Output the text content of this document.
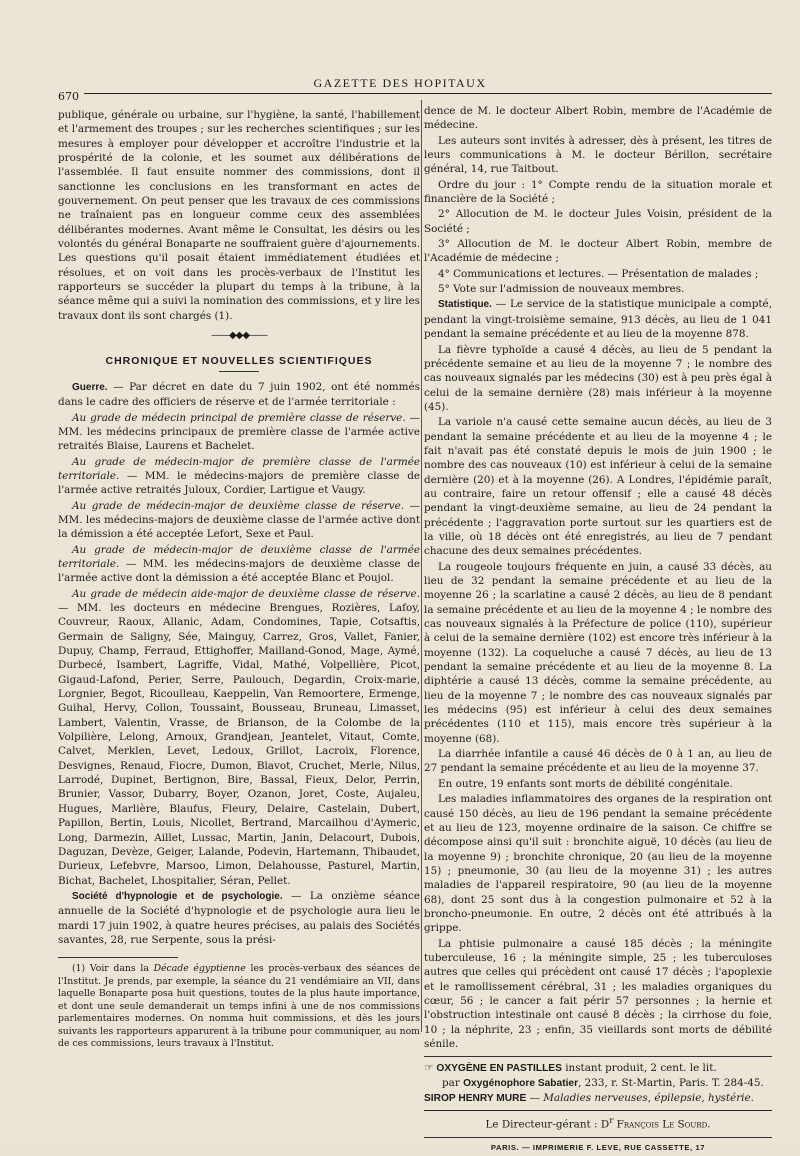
GAZETTE DES HOPITAUX
670

publique, générale ou urbaine, sur l'hygiène, la santé, l'habillement et l'armement des troupes ; sur les recherches scientifiques ; sur les mesures à employer pour développer et accroître l'industrie et la prospérité de la colonie, et les soumet aux délibérations de l'assemblée. Il faut ensuite nommer des commissions, dont il sanctionne les conclusions en les transformant en actes de gouvernement. On peut penser que les travaux de ces commissions ne traînaient pas en longueur comme ceux des assemblées délibérantes modernes. Avant même le Consultat, les désirs ou les volontés du général Bonaparte ne souffraient guère d'ajournements. Les questions qu'il posait étaient immédiatement étudiées et résolues, et on voit dans les procès-verbaux de l'Institut les rapporteurs se succéder la plupart du temps à la tribune, à la séance même qui a suivi la nomination des commissions, et y lire les travaux dont ils sont chargés (1).

——◆◆◆——
CHRONIQUE ET NOUVELLES SCIENTIFIQUES

Guerre. — Par décret en date du 7 juin 1902, ont été nommés dans le cadre des officiers de réserve et de l'armée territoriale :

Au grade de médecin principal de première classe de réserve. — MM. les médecins principaux de première classe de l'armée active retraités Blaise, Laurens et Bachelet.

Au grade de médecin-major de première classe de l'armée territoriale. — MM. le médecins-majors de première classe de l'armée active retraités Juloux, Cordier, Lartigue et Vaugy.

Au grade de médecin-major de deuxième classe de réserve. — MM. les médecins-majors de deuxième classe de l'armée active dont la démission a été acceptée Lefort, Sexe et Paul.

Au grade de médecin-major de deuxième classe de l'armée territoriale. — MM. les médecins-majors de deuxième classe de l'armée active dont la démission a été acceptée Blanc et Poujol.

Au grade de médecin aide-major de deuxième classe de réserve. — MM. les docteurs en médecine Brengues, Rozières, Lafoy, Couvreur, Raoux, Allanic, Adam, Condomines, Tapie, Cotsaftis, Germain de Saligny, Sée, Mainguy, Carrez, Gros, Vallet, Fanier, Dupuy, Champ, Ferraud, Ettighoffer, Mailland-Gonod, Mage, Aymé, Durbecé, Isambert, Lagriffe, Vidal, Mathé, Volpellière, Picot, Gigaud-Lafond, Perier, Serre, Paulouch, Degardin, Croix-marie, Lorgnier, Begot, Ricoulleau, Kaeppelin, Van Remoortere, Ermenge, Guihal, Hervy, Collon, Toussaint, Bousseau, Bruneau, Limasset, Lambert, Valentin, Vrasse, de Brianson, de la Colombe de la Volpilière, Lelong, Arnoux, Grandjean, Jeantelet, Vitaut, Comte, Calvet, Merklen, Levet, Ledoux, Grillot, Lacroix, Florence, Desvignes, Renaud, Fiocre, Dumon, Blavot, Cruchet, Merle, Nilus, Larrodé, Dupinet, Bertignon, Bire, Bassal, Fieux, Delor, Perrin, Brunier, Vassor, Dubarry, Boyer, Ozanon, Joret, Coste, Aujaleu, Hugues, Marlière, Blaufus, Fleury, Delaire, Castelain, Dubert, Papillon, Bertin, Louis, Nicollet, Bertrand, Marcailhou d'Aymeric, Long, Darmezin, Aillet, Lussac, Martin, Janin, Delacourt, Dubois, Daguzan, Devèze, Geiger, Lalande, Podevin, Hartemann, Thibaudet, Durieux, Lefebvre, Marsoo, Limon, Delahousse, Pasturel, Martin, Bichat, Bachelet, Lhospitalier, Séran, Pellet.

Société d'hypnologie et de psychologie. — La onzième séance annuelle de la Société d'hypnologie et de psychologie aura lieu le mardi 17 juin 1902, à quatre heures précises, au palais des Sociétés savantes, 28, rue Serpente, sous la prési-

(1) Voir dans la Décade égyptienne les procès-verbaux des séances de l'Institut. Je prends, par exemple, la séance du 21 vendémiaire an VII, dans laquelle Bonaparte posa huit questions, toutes de la plus haute importance, et dont une seule demanderait un temps infini à une de nos commissions parlementaires modernes. On nomma huit commissions, et dès les jours suivants les rapporteurs apparurent à la tribune pour communiquer, au nom de ces commissions, leurs travaux à l'Institut.

dence de M. le docteur Albert Robin, membre de l'Académie de médecine.

Les auteurs sont invités à adresser, dès à présent, les titres de leurs communications à M. le docteur Bérillon, secrétaire général, 14, rue Taitbout.

Ordre du jour : 1° Compte rendu de la situation morale et financière de la Société ;

2° Allocution de M. le docteur Jules Voisin, président de la Société ;

3° Allocution de M. le docteur Albert Robin, membre de l'Académie de médecine ;

4° Communications et lectures. — Présentation de malades ;

5° Vote sur l'admission de nouveaux membres.

Statistique. — Le service de la statistique municipale a compté, pendant la vingt-troisième semaine, 913 décès, au lieu de 1 041 pendant la semaine précédente et au lieu de la moyenne 878.

La fièvre typhoïde a causé 4 décès, au lieu de 5 pendant la précédente semaine et au lieu de la moyenne 7 ; le nombre des cas nouveaux signalés par les médecins (30) est à peu près égal à celui de la semaine dernière (28) mais inférieur à la moyenne (45).

La variole n'a causé cette semaine aucun décès, au lieu de 3 pendant la semaine précédente et au lieu de la moyenne 4 ; le fait n'avait pas été constaté depuis le mois de juin 1900 ; le nombre des cas nouveaux (10) est inférieur à celui de la semaine dernière (20) et à la moyenne (26). A Londres, l'épidémie paraît, au contraire, faire un retour offensif ; elle a causé 48 décès pendant la vingt-deuxième semaine, au lieu de 24 pendant la précédente ; l'aggravation porte surtout sur les quartiers est de la ville, où 18 décès ont été enregistrés, au lieu de 7 pendant chacune des deux semaines précédentes.

La rougeole toujours fréquente en juin, a causé 33 décès, au lieu de 32 pendant la semaine précédente et au lieu de la moyenne 26 ; la scarlatine a causé 2 décès, au lieu de 8 pendant la semaine précédente et au lieu de la moyenne 4 ; le nombre des cas nouveaux signalés à la Préfecture de police (110), supérieur à celui de la semaine dernière (102) est encore très inférieur à la moyenne (132). La coqueluche a causé 7 décès, au lieu de 13 pendant la semaine précédente et au lieu de la moyenne 8. La diphtérie a causé 13 décès, comme la semaine précédente, au lieu de la moyenne 7 ; le nombre des cas nouveaux signalés par les médecins (95) est inférieur à celui des deux semaines précédentes (110 et 115), mais encore très supérieur à la moyenne (68).

La diarrhée infantile a causé 46 décès de 0 à 1 an, au lieu de 27 pendant la semaine précédente et au lieu de la moyenne 37.

En outre, 19 enfants sont morts de débilité congénitale.

Les maladies inflammatoires des organes de la respiration ont causé 150 décès, au lieu de 196 pendant la semaine précédente et au lieu de 123, moyenne ordinaire de la saison. Ce chiffre se décompose ainsi qu'il suit : bronchite aiguë, 10 décès (au lieu de la moyenne 9) ; bronchite chronique, 20 (au lieu de la moyenne 15) ; pneumonie, 30 (au lieu de la moyenne 31) ; les autres maladies de l'appareil respiratoire, 90 (au lieu de la moyenne 68), dont 25 sont dus à la congestion pulmonaire et 52 à la broncho-pneumonie. En outre, 2 décès ont été attribués à la grippe.

La phtisie pulmonaire a causé 185 décès ; la méningite tuberculeuse, 16 ; la méningite simple, 25 ; les tuberculoses autres que celles qui précèdent ont causé 17 décès ; l'apoplexie et le ramollissement cérébral, 31 ; les maladies organiques du cœur, 56 ; le cancer a fait périr 57 personnes ; la hernie et l'obstruction intestinale ont causé 8 décès ; la cirrhose du foie, 10 ; la néphrite, 23 ; enfin, 35 vieillards sont morts de débilité sénile.

☞ OXYGÈNE EN PASTILLES instant produit, 2 cent. le lit.
par Oxygénophore Sabatier, 233, r. St-Martin, Paris. T. 284-45.
SIROP HENRY MURE — Maladies nerveuses, épilepsie, hystérie.
Le Directeur-gérant : $D^r$ François Le Sourd.
PARIS. — IMPRIMERIE F. LEVE, RUE CASSETTE, 17
